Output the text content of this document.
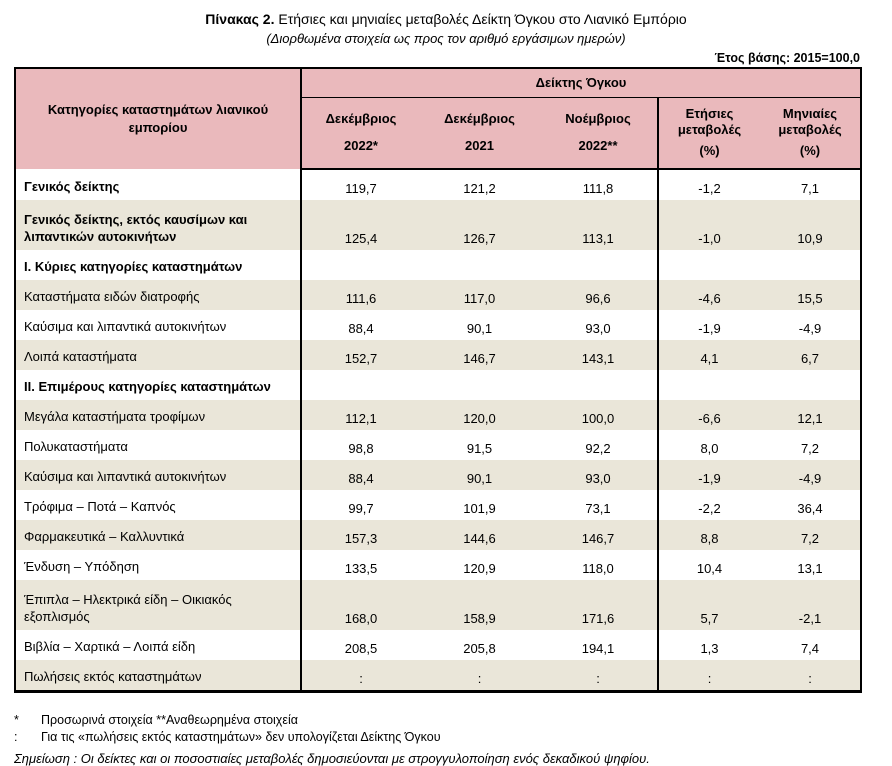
Πίνακας 2. Ετήσιες και μηνιαίες μεταβολές Δείκτη Όγκου στο Λιανικό Εμπόριο
(Διορθωμένα στοιχεία ως προς τον αριθμό εργάσιμων ημερών)
Έτος βάσης: 2015=100,0
Κατηγορίες καταστημάτων λιανικού εμπορίου	Δείκτης Όγκου				

Δεκέμβριος
2022*

Δεκέμβριος
2021

Νοέμβριος
2022**

Ετήσιες μεταβολές
(%)

Μηνιαίες μεταβολές
(%)

Γενικός δείκτης	119,7	121,2	111,8	-1,2	7,1
Γενικός δείκτης, εκτός καυσίμων και λιπαντικών αυτοκινήτων	125,4	126,7	113,1	-1,0	10,9
Ι. Κύριες κατηγορίες καταστημάτων					
Καταστήματα ειδών διατροφής	111,6	117,0	96,6	-4,6	15,5
Καύσιμα και λιπαντικά αυτοκινήτων	88,4	90,1	93,0	-1,9	-4,9
Λοιπά καταστήματα	152,7	146,7	143,1	4,1	6,7
ΙΙ. Επιμέρους κατηγορίες καταστημάτων					
Μεγάλα καταστήματα τροφίμων	112,1	120,0	100,0	-6,6	12,1
Πολυκαταστήματα	98,8	91,5	92,2	8,0	7,2
Καύσιμα και λιπαντικά αυτοκινήτων	88,4	90,1	93,0	-1,9	-4,9
Τρόφιμα – Ποτά – Καπνός	99,7	101,9	73,1	-2,2	36,4
Φαρμακευτικά – Καλλυντικά	157,3	144,6	146,7	8,8	7,2
Ένδυση – Υπόδηση	133,5	120,9	118,0	10,4	13,1
Έπιπλα – Ηλεκτρικά είδη – Οικιακός εξοπλισμός	168,0	158,9	171,6	5,7	-2,1
Βιβλία – Χαρτικά – Λοιπά είδη	208,5	205,8	194,1	1,3	7,4
Πωλήσεις εκτός καταστημάτων	:	:	:	:	:
*	Προσωρινά στοιχεία **Αναθεωρημένα στοιχεία
:	Για τις «πωλήσεις εκτός καταστημάτων» δεν υπολογίζεται Δείκτης Όγκου
Σημείωση : Οι δείκτες και οι ποσοστιαίες μεταβολές δημοσιεύονται με στρογγυλοποίηση ενός δεκαδικού ψηφίου.
